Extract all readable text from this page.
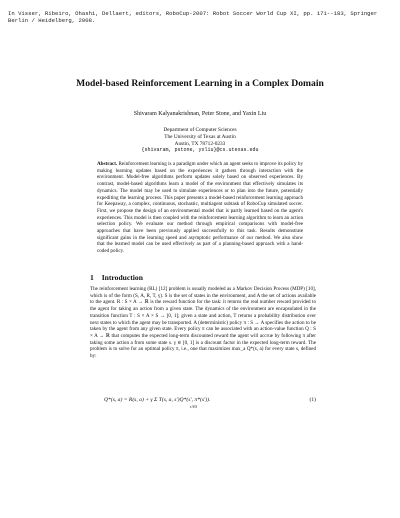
In Visser, Ribeiro, Ohashi, Dellaert, editors, RoboCup-2007: Robot Soccer World Cup XI, pp. 171--183, Springer Berlin / Heidelberg, 2008.
Model-based Reinforcement Learning in a Complex Domain
Shivaram Kalyanakrishnan, Peter Stone, and Yaxin Liu
Department of Computer Sciences
The University of Texas at Austin
Austin, TX 78712-0233
{shivaram, pstone, yxliu}@cs.utexas.edu
Abstract. Reinforcement learning is a paradigm under which an agent seeks to improve its policy by making learning updates based on the experiences it gathers through interaction with the environment. Model-free algorithms perform updates solely based on observed experiences. By contrast, model-based algorithms learn a model of the environment that effectively simulates its dynamics. The model may be used to simulate experiences or to plan into the future, potentially expediting the learning process. This paper presents a model-based reinforcement learning approach for Keepaway, a complex, continuous, stochastic, multiagent subtask of RoboCup simulated soccer. First, we propose the design of an environmental model that is partly learned based on the agent's experiences. This model is then coupled with the reinforcement learning algorithm to learn an action selection policy. We evaluate our method through empirical comparisons with model-free approaches that have been previously applied successfully to this task. Results demonstrate significant gains in the learning speed and asymptotic performance of our method. We also show that the learned model can be used effectively as part of a planning-based approach with a hand-coded policy.
1 Introduction
The reinforcement learning (RL) [12] problem is usually modeled as a Markov Decision Process (MDP) [10], which is of the form (S, A, R, T, γ). S is the set of states in the environment, and A the set of actions available to the agent. R : S × A → ℝ is the reward function for the task: it returns the real number reward provided to the agent for taking an action from a given state. The dynamics of the environment are encapsulated in the transition function T : S × A × S → [0, 1]; given a state and action, T returns a probability distribution over next states to which the agent may be transported. A (deterministic) policy π : S → A specifies the action to be taken by the agent from any given state. Every policy π can be associated with an action-value function Q : S × A → ℝ that computes the expected long-term discounted reward the agent will accrue by following π after taking some action a from some state s. γ ∈ [0, 1] is a discount factor in the expected long-term reward. The problem is to solve for an optimal policy π, i.e., one that maximizes max_a Q*(s, a) for every state s, defined by:
Q*(s, a) = R(s, a) + γ Σ T(s, a, s′)Q*(s′, π*(s′)).
s′∈S
(1)
